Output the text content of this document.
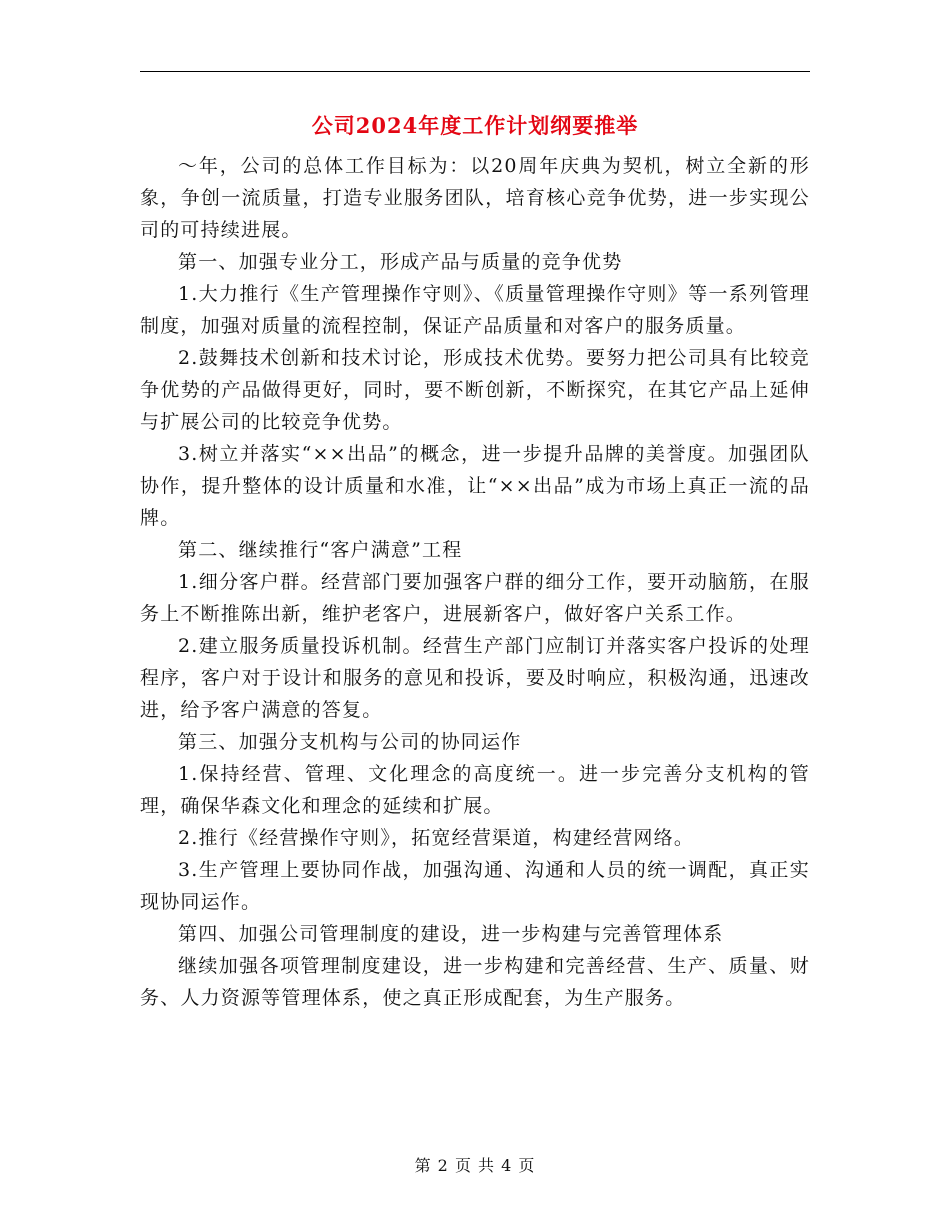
公司2024年度工作计划纲要推举

～年，公司的总体工作目标为：以20周年庆典为契机，树立全新的形象，争创一流质量，打造专业服务团队，培育核心竞争优势，进一步实现公司的可持续进展。

第一、加强专业分工，形成产品与质量的竞争优势

1.大力推行《生产管理操作守则》、《质量管理操作守则》等一系列管理制度，加强对质量的流程控制，保证产品质量和对客户的服务质量。

2.鼓舞技术创新和技术讨论，形成技术优势。要努力把公司具有比较竞争优势的产品做得更好，同时，要不断创新，不断探究，在其它产品上延伸与扩展公司的比较竞争优势。

3.树立并落实“××出品”的概念，进一步提升品牌的美誉度。加强团队协作，提升整体的设计质量和水准，让“××出品”成为市场上真正一流的品牌。

第二、继续推行“客户满意”工程

1.细分客户群。经营部门要加强客户群的细分工作，要开动脑筋，在服务上不断推陈出新，维护老客户，进展新客户，做好客户关系工作。

2.建立服务质量投诉机制。经营生产部门应制订并落实客户投诉的处理程序，客户对于设计和服务的意见和投诉，要及时响应，积极沟通，迅速改进，给予客户满意的答复。

第三、加强分支机构与公司的协同运作

1.保持经营、管理、文化理念的高度统一。进一步完善分支机构的管理，确保华森文化和理念的延续和扩展。

2.推行《经营操作守则》，拓宽经营渠道，构建经营网络。

3.生产管理上要协同作战，加强沟通、沟通和人员的统一调配，真正实现协同运作。

第四、加强公司管理制度的建设，进一步构建与完善管理体系

继续加强各项管理制度建设，进一步构建和完善经营、生产、质量、财务、人力资源等管理体系，使之真正形成配套，为生产服务。

第 2 页 共 4 页
